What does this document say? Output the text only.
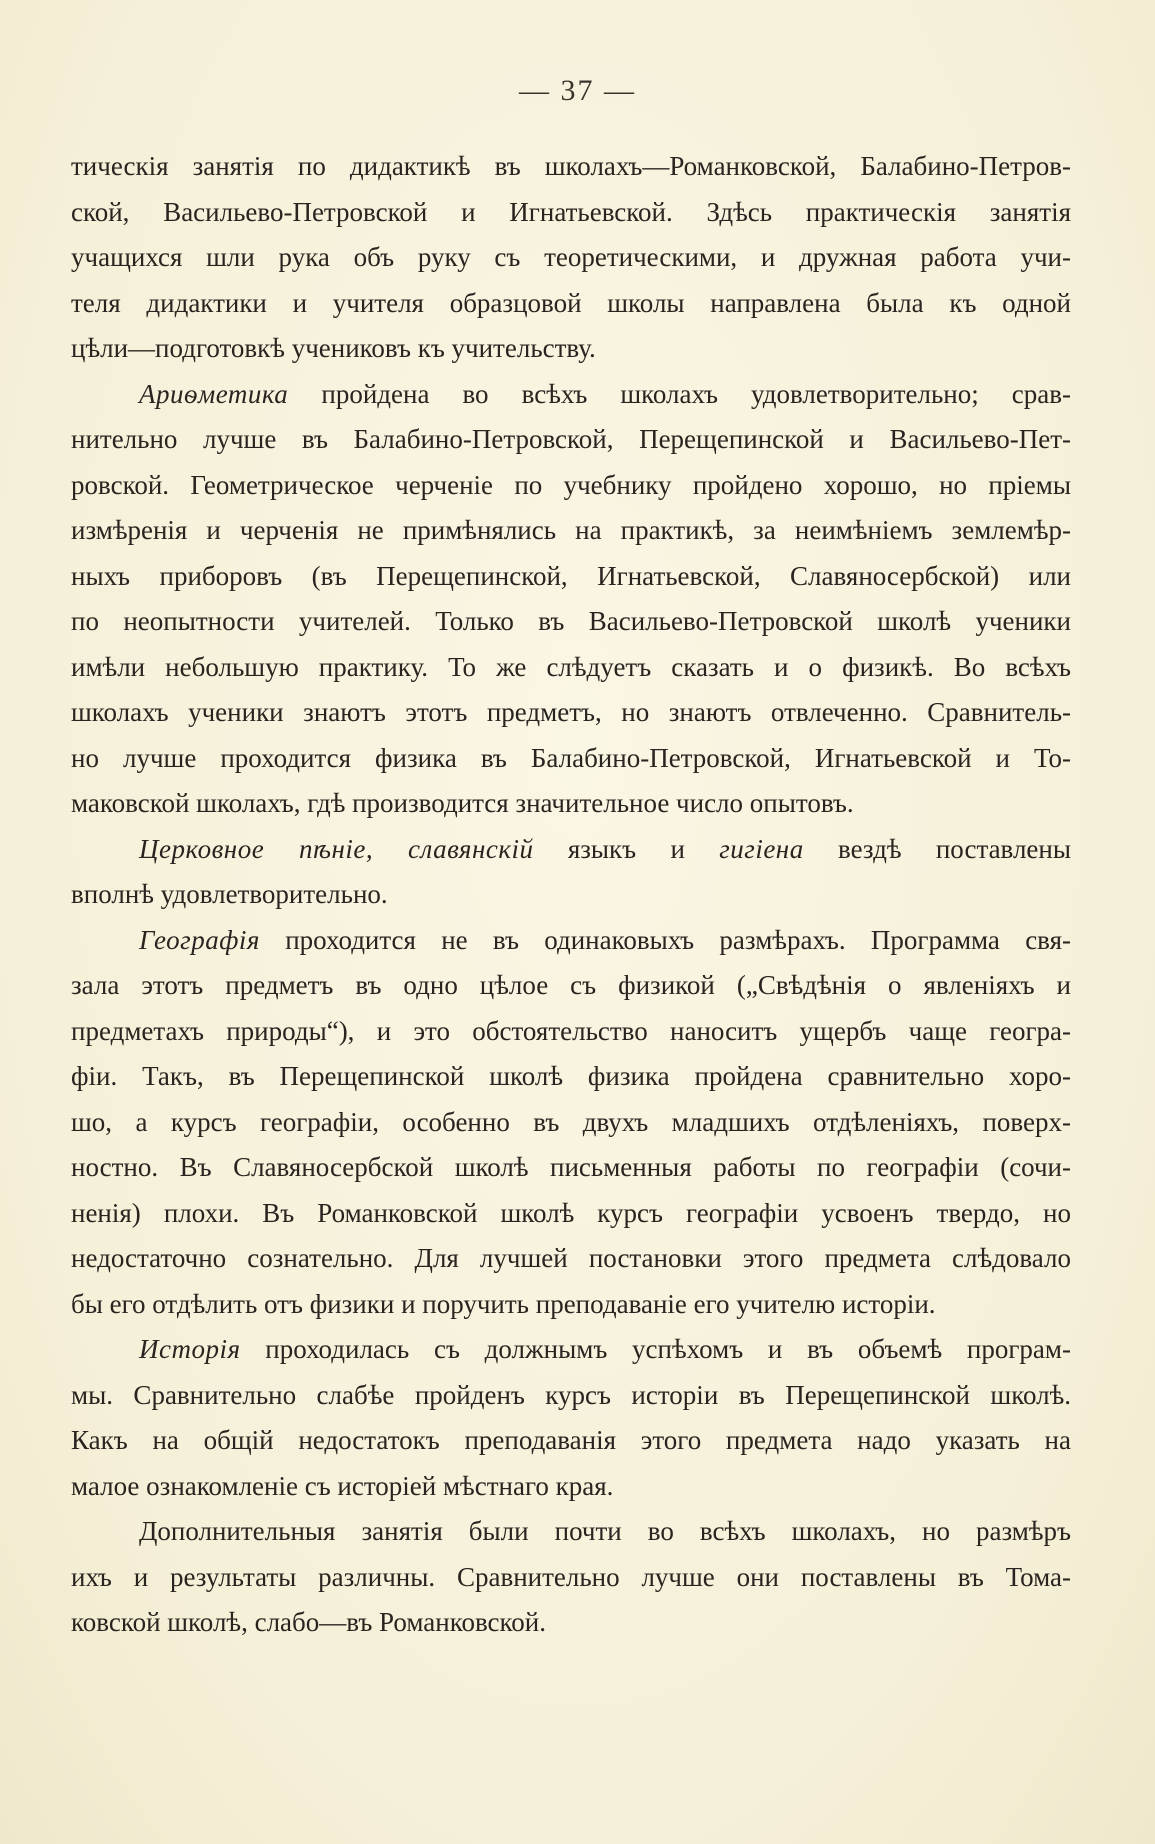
— 37 —
тическія занятія по дидактикѣ въ школахъ—Романковской, Балабино-Петров-
ской, Васильево-Петровской и Игнатьевской. Здѣсь практическія занятія
учащихся шли рука объ руку съ теоретическими, и дружная работа учи-
теля дидактики и учителя образцовой школы направлена была къ одной
цѣли—подготовкѣ учениковъ къ учительству.
Ариѳметика пройдена во всѣхъ школахъ удовлетворительно; срав-
нительно лучше въ Балабино-Петровской, Перещепинской и Васильево-Пет-
ровской. Геометрическое черченіе по учебнику пройдено хорошо, но пріемы
измѣренія и черченія не примѣнялись на практикѣ, за неимѣніемъ землемѣр-
ныхъ приборовъ (въ Перещепинской, Игнатьевской, Славяносербской) или
по неопытности учителей. Только въ Васильево-Петровской школѣ ученики
имѣли небольшую практику. То же слѣдуетъ сказать и о физикѣ. Во всѣхъ
школахъ ученики знаютъ этотъ предметъ, но знаютъ отвлеченно. Сравнитель-
но лучше проходится физика въ Балабино-Петровской, Игнатьевской и То-
маковской школахъ, гдѣ производится значительное число опытовъ.
Церковное пѣніе, славянскій языкъ и гигіена вездѣ поставлены
вполнѣ удовлетворительно.
Географія проходится не въ одинаковыхъ размѣрахъ. Программа свя-
зала этотъ предметъ въ одно цѣлое съ физикой („Свѣдѣнія о явленіяхъ и
предметахъ природы“), и это обстоятельство наноситъ ущербъ чаще геогра-
фіи. Такъ, въ Перещепинской школѣ физика пройдена сравнительно хоро-
шо, а курсъ географіи, особенно въ двухъ младшихъ отдѣленіяхъ, поверх-
ностно. Въ Славяносербской школѣ письменныя работы по географіи (сочи-
ненія) плохи. Въ Романковской школѣ курсъ географіи усвоенъ твердо, но
недостаточно сознательно. Для лучшей постановки этого предмета слѣдовало
бы его отдѣлить отъ физики и поручить преподаваніе его учителю исторіи.
Исторія проходилась съ должнымъ успѣхомъ и въ объемѣ програм-
мы. Сравнительно слабѣе пройденъ курсъ исторіи въ Перещепинской школѣ.
Какъ на общій недостатокъ преподаванія этого предмета надо указать на
малое ознакомленіе съ исторіей мѣстнаго края.
Дополнительныя занятія были почти во всѣхъ школахъ, но размѣръ
ихъ и результаты различны. Сравнительно лучше они поставлены въ Тома-
ковской школѣ, слабо—въ Романковской.
